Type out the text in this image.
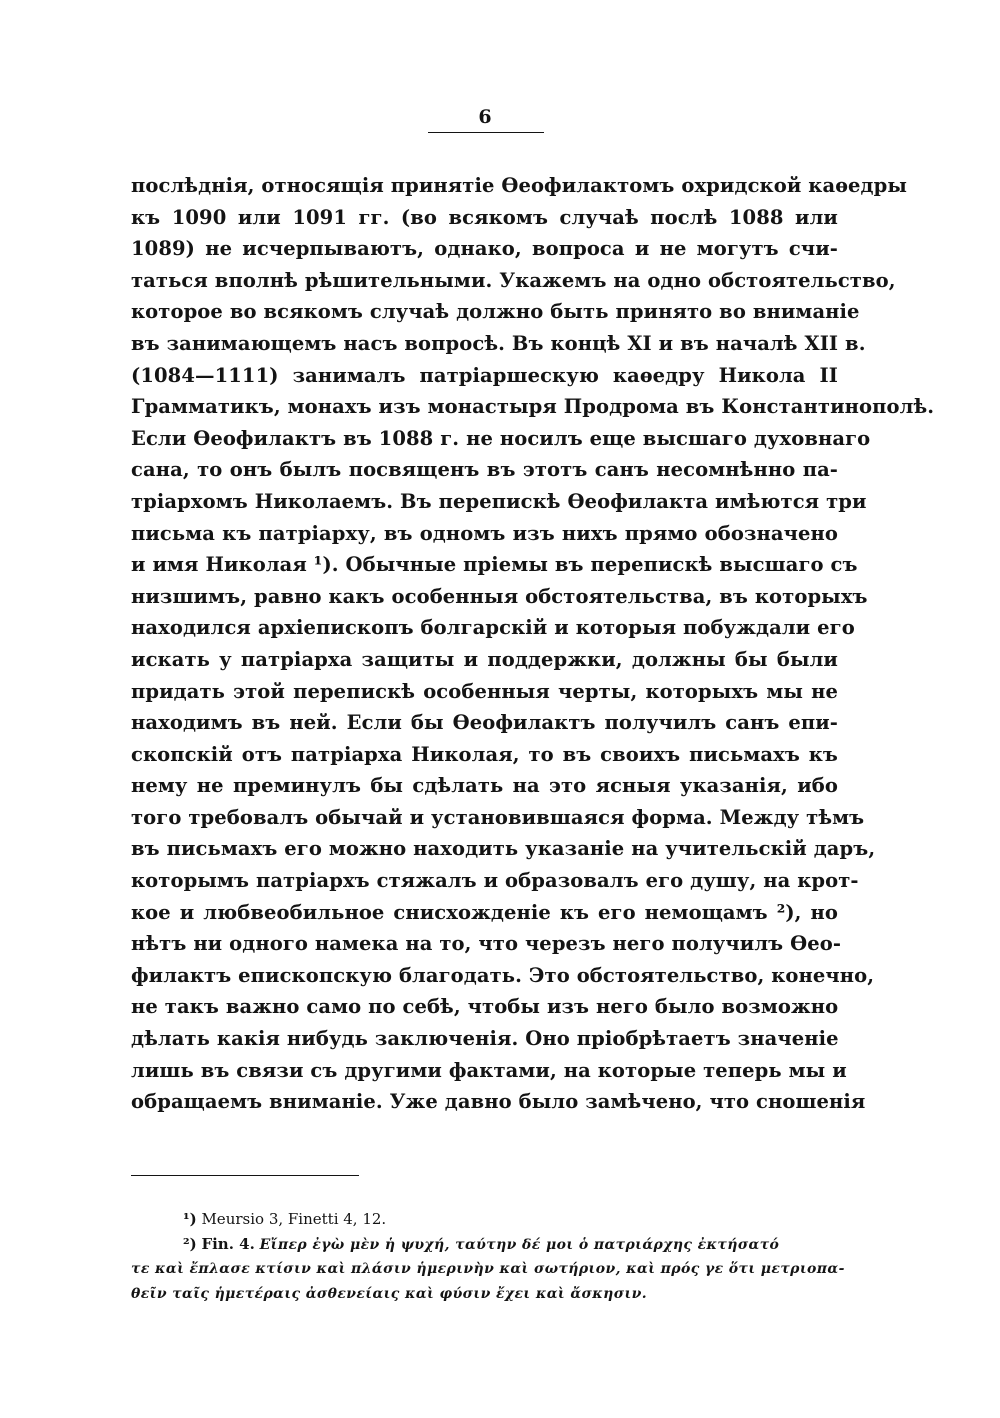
6
послѣднія, относящія принятіе Ѳеофилактомъ охридской каѳедры
къ 1090 или 1091 гг. (во всякомъ случаѣ послѣ 1088 или
1089) не исчерпываютъ, однако, вопроса и не могутъ счи-
таться вполнѣ рѣшительными. Укажемъ на одно обстоятельство,
которое во всякомъ случаѣ должно быть принято во вниманіе
въ занимающемъ насъ вопросѣ. Въ концѣ XI и въ началѣ XII в.
(1084—1111) занималъ патріаршескую каѳедру Никола II
Грамматикъ, монахъ изъ монастыря Продрома въ Константинополѣ.
Если Ѳеофилактъ въ 1088 г. не носилъ еще высшаго духовнаго
сана, то онъ былъ посвященъ въ этотъ санъ несомнѣнно па-
тріархомъ Николаемъ. Въ перепискѣ Ѳеофилакта имѣются три
письма къ патріарху, въ одномъ изъ нихъ прямо обозначено
и имя Николая ¹). Обычные пріемы въ перепискѣ высшаго съ
низшимъ, равно какъ особенныя обстоятельства, въ которыхъ
находился архіепископъ болгарскій и которыя побуждали его
искать у патріарха защиты и поддержки, должны бы были
придать этой перепискѣ особенныя черты, которыхъ мы не
находимъ въ ней. Если бы Ѳеофилактъ получилъ санъ епи-
скопскій отъ патріарха Николая, то въ своихъ письмахъ къ
нему не преминулъ бы сдѣлать на это ясныя указанія, ибо
того требовалъ обычай и установившаяся форма. Между тѣмъ
въ письмахъ его можно находить указаніе на учительскій даръ,
которымъ патріархъ стяжалъ и образовалъ его душу, на крот-
кое и любвеобильное снисхожденіе къ его немощамъ ²), но
нѣтъ ни одного намека на то, что черезъ него получилъ Ѳео-
филактъ епископскую благодать. Это обстоятельство, конечно,
не такъ важно само по себѣ, чтобы изъ него было возможно
дѣлать какія нибудь заключенія. Оно пріобрѣтаетъ значеніе
лишь въ связи съ другими фактами, на которые теперь мы и
обращаемъ вниманіе. Уже давно было замѣчено, что сношенія
¹) Meursio 3, Finetti 4, 12.
²) Fin. 4. Εἴπερ ἐγὼ μὲν ἡ ψυχή, ταύτην δέ μοι ὁ πατριάρχης ἐκτήσατό
τε καὶ ἔπλασε κτίσιν καὶ πλάσιν ἡμερινὴν καὶ σωτήριον, καὶ πρός γε ὅτι μετριοπα-
θεῖν ταῖς ἡμετέραις ἀσθενείαις καὶ φύσιν ἔχει καὶ ἄσκησιν.
